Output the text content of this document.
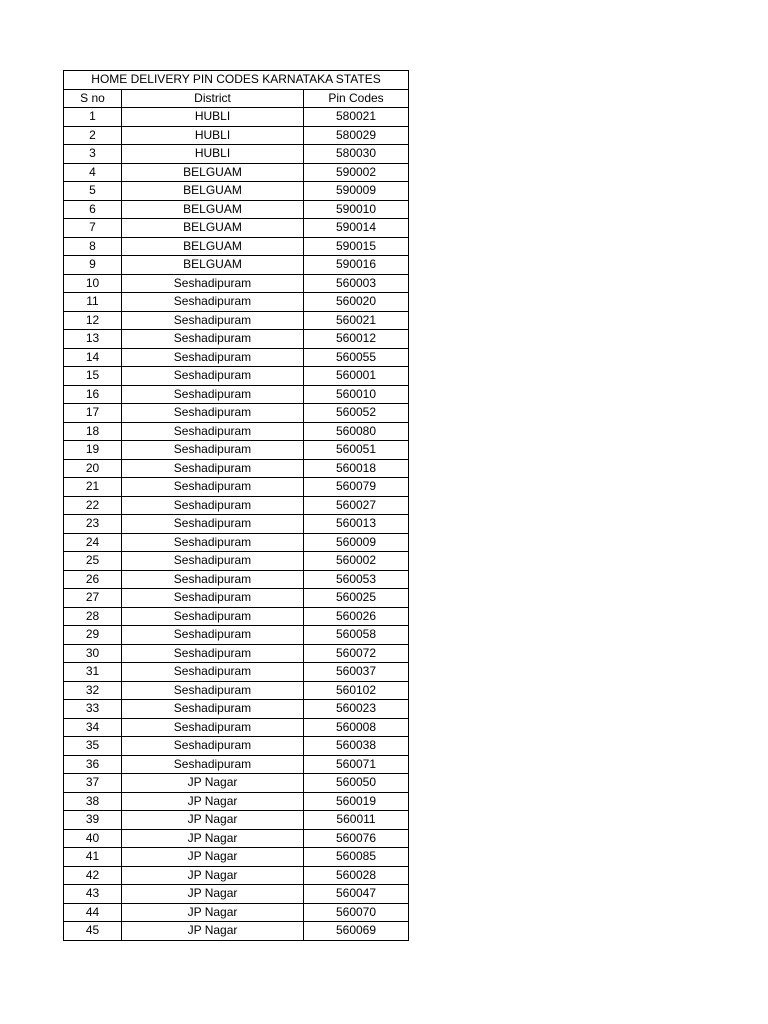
HOME DELIVERY PIN CODES KARNATAKA STATES		
S no	District	Pin Codes
1	HUBLI	580021
2	HUBLI	580029
3	HUBLI	580030
4	BELGUAM	590002
5	BELGUAM	590009
6	BELGUAM	590010
7	BELGUAM	590014
8	BELGUAM	590015
9	BELGUAM	590016
10	Seshadipuram	560003
11	Seshadipuram	560020
12	Seshadipuram	560021
13	Seshadipuram	560012
14	Seshadipuram	560055
15	Seshadipuram	560001
16	Seshadipuram	560010
17	Seshadipuram	560052
18	Seshadipuram	560080
19	Seshadipuram	560051
20	Seshadipuram	560018
21	Seshadipuram	560079
22	Seshadipuram	560027
23	Seshadipuram	560013
24	Seshadipuram	560009
25	Seshadipuram	560002
26	Seshadipuram	560053
27	Seshadipuram	560025
28	Seshadipuram	560026
29	Seshadipuram	560058
30	Seshadipuram	560072
31	Seshadipuram	560037
32	Seshadipuram	560102
33	Seshadipuram	560023
34	Seshadipuram	560008
35	Seshadipuram	560038
36	Seshadipuram	560071
37	JP Nagar	560050
38	JP Nagar	560019
39	JP Nagar	560011
40	JP Nagar	560076
41	JP Nagar	560085
42	JP Nagar	560028
43	JP Nagar	560047
44	JP Nagar	560070
45	JP Nagar	560069
